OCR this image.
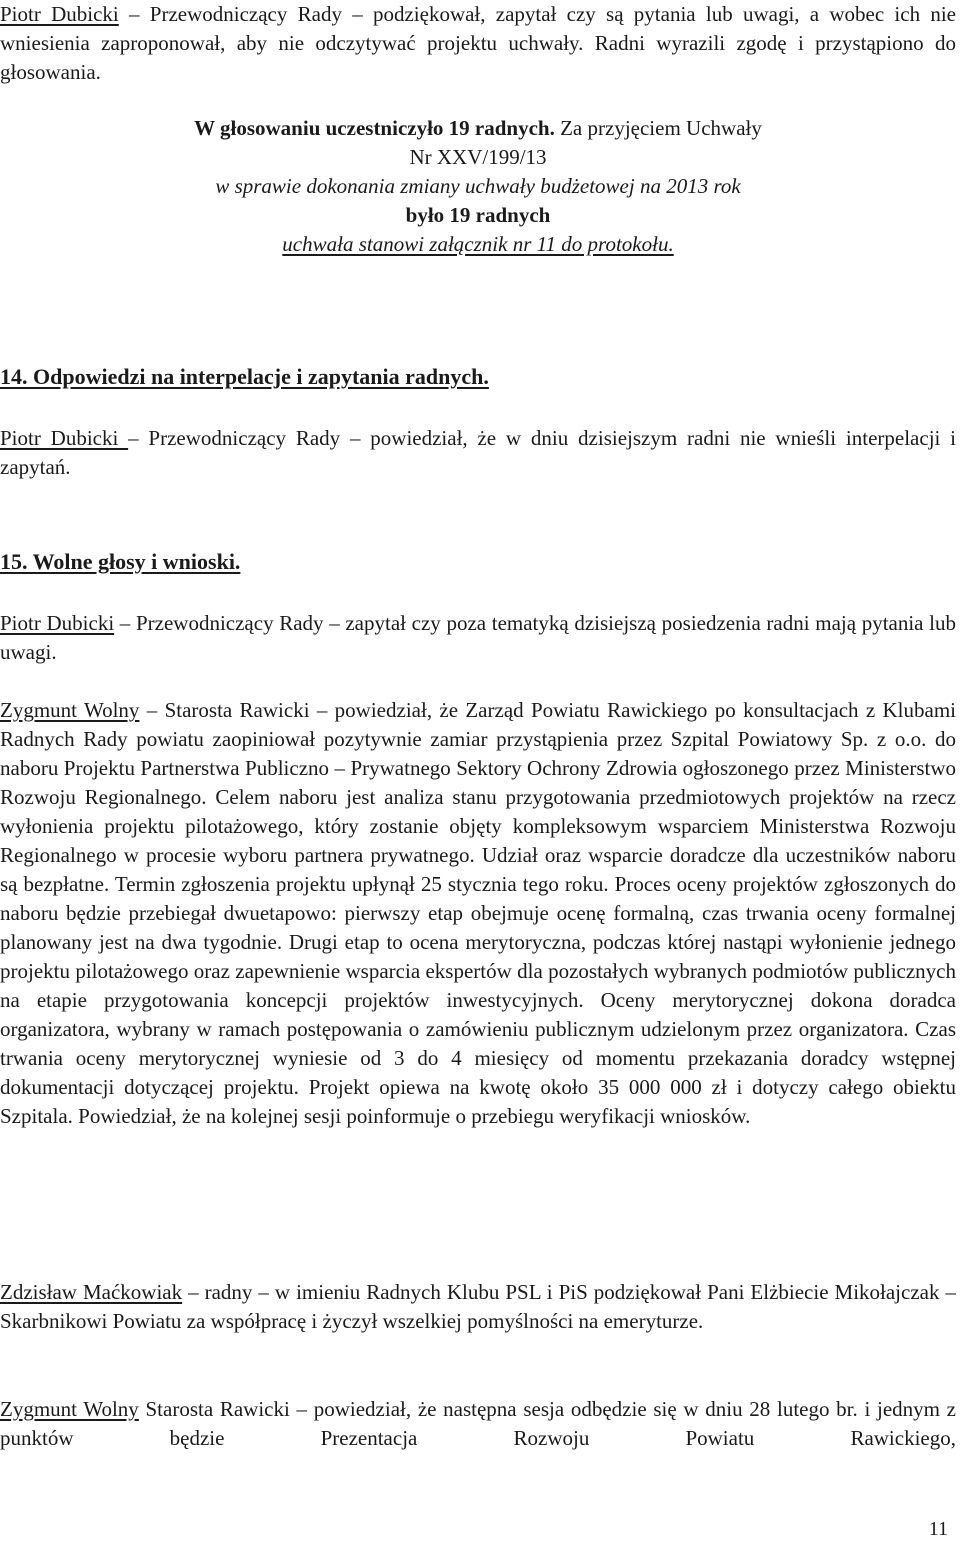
Piotr Dubicki – Przewodniczący Rady – podziękował, zapytał czy są pytania lub uwagi, a wobec ich nie wniesienia zaproponował, aby nie odczytywać projektu uchwały. Radni wyrazili zgodę i przystąpiono do głosowania.

W głosowaniu uczestniczyło 19 radnych. Za przyjęciem Uchwały
Nr XXV/199/13
w sprawie dokonania zmiany uchwały budżetowej na 2013 rok
było 19 radnych
uchwała stanowi załącznik nr 11 do protokołu.
14. Odpowiedzi na interpelacje i zapytania radnych.

Piotr Dubicki – Przewodniczący Rady – powiedział, że w dniu dzisiejszym radni nie wnieśli interpelacji i zapytań.

15. Wolne głosy i wnioski.

Piotr Dubicki – Przewodniczący Rady – zapytał czy poza tematyką dzisiejszą posiedzenia radni mają pytania lub uwagi.

Zygmunt Wolny – Starosta Rawicki – powiedział, że Zarząd Powiatu Rawickiego po konsultacjach z Klubami Radnych Rady powiatu zaopiniował pozytywnie zamiar przystąpienia przez Szpital Powiatowy Sp. z o.o. do naboru Projektu Partnerstwa Publiczno – Prywatnego Sektory Ochrony Zdrowia ogłoszonego przez Ministerstwo Rozwoju Regionalnego. Celem naboru jest analiza stanu przygotowania przedmiotowych projektów na rzecz wyłonienia projektu pilotażowego, który zostanie objęty kompleksowym wsparciem Ministerstwa Rozwoju Regionalnego w procesie wyboru partnera prywatnego. Udział oraz wsparcie doradcze dla uczestników naboru są bezpłatne. Termin zgłoszenia projektu upłynął 25 stycznia tego roku. Proces oceny projektów zgłoszonych do naboru będzie przebiegał dwuetapowo: pierwszy etap obejmuje ocenę formalną, czas trwania oceny formalnej planowany jest na dwa tygodnie. Drugi etap to ocena merytoryczna, podczas której nastąpi wyłonienie jednego projektu pilotażowego oraz zapewnienie wsparcia ekspertów dla pozostałych wybranych podmiotów publicznych na etapie przygotowania koncepcji projektów inwestycyjnych. Oceny merytorycznej dokona doradca organizatora, wybrany w ramach postępowania o zamówieniu publicznym udzielonym przez organizatora. Czas trwania oceny merytorycznej wyniesie od 3 do 4 miesięcy od momentu przekazania doradcy wstępnej dokumentacji dotyczącej projektu. Projekt opiewa na kwotę około 35 000 000 zł i dotyczy całego obiektu Szpitala. Powiedział, że na kolejnej sesji poinformuje o przebiegu weryfikacji wniosków.

Zdzisław Maćkowiak – radny – w imieniu Radnych Klubu PSL i PiS podziękował Pani Elżbiecie Mikołajczak – Skarbnikowi Powiatu za współpracę i życzył wszelkiej pomyślności na emeryturze.

Zygmunt Wolny Starosta Rawicki – powiedział, że następna sesja odbędzie się w dniu 28 lutego br. i jednym z punktów będzie Prezentacja Rozwoju Powiatu Rawickiego,

11
